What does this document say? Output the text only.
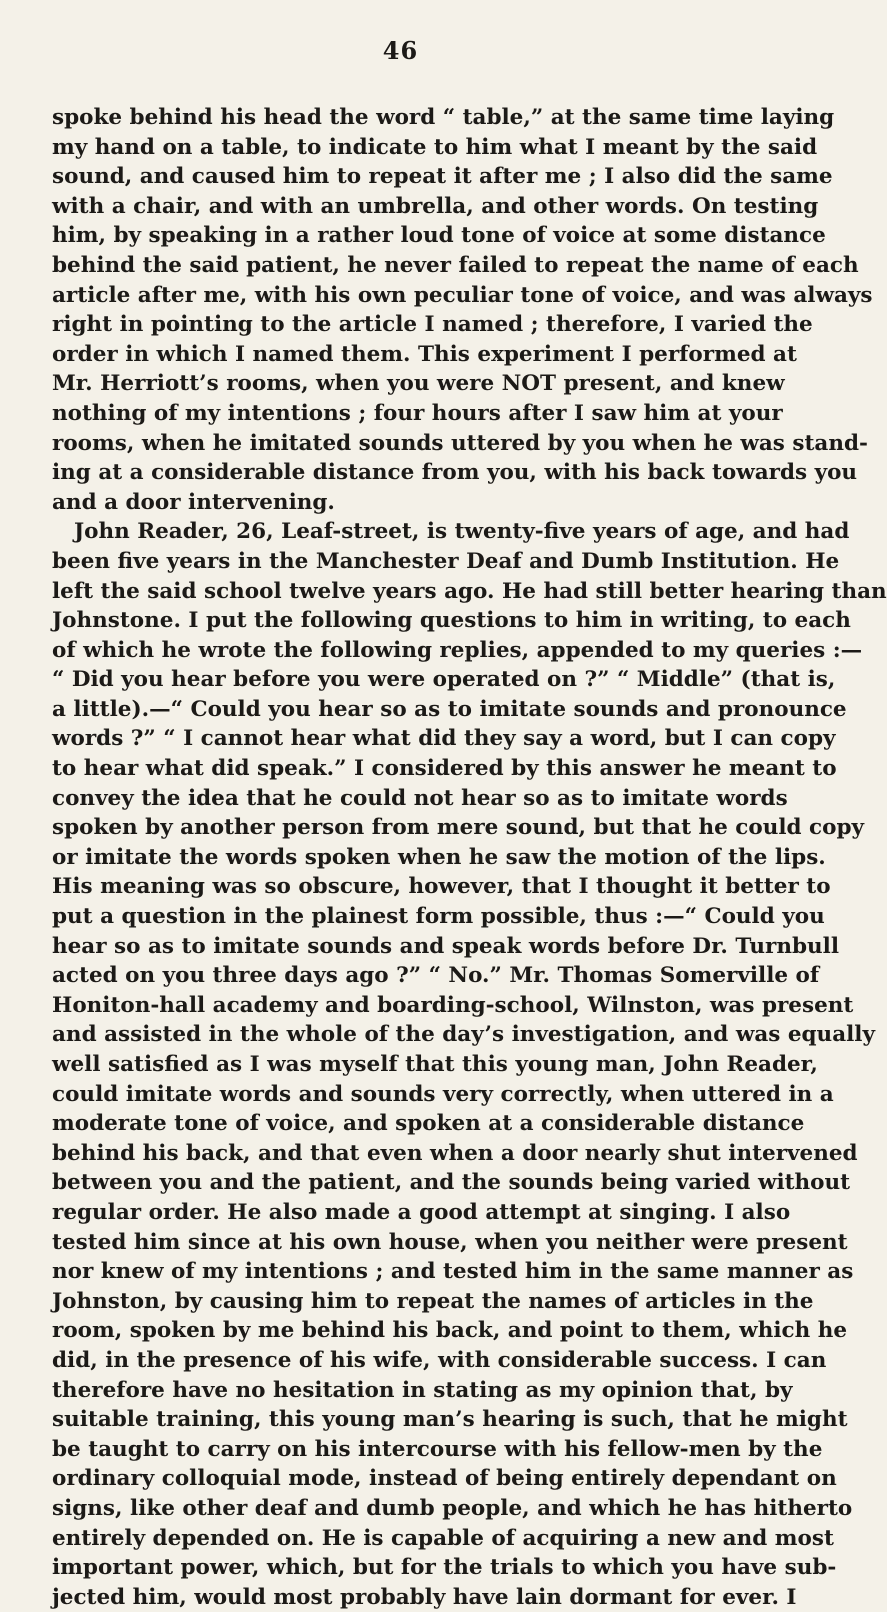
46
spoke behind his head the word “ table,” at the same time laying
my hand on a table, to indicate to him what I meant by the said
sound, and caused him to repeat it after me ; I also did the same
with a chair, and with an umbrella, and other words. On testing
him, by speaking in a rather loud tone of voice at some distance
behind the said patient, he never failed to repeat the name of each
article after me, with his own peculiar tone of voice, and was always
right in pointing to the article I named ; therefore, I varied the
order in which I named them. This experiment I performed at
Mr. Herriott’s rooms, when you were NOT present, and knew
nothing of my intentions ; four hours after I saw him at your
rooms, when he imitated sounds uttered by you when he was stand-
ing at a considerable distance from you, with his back towards you
and a door intervening.
John Reader, 26, Leaf-street, is twenty-five years of age, and had
been five years in the Manchester Deaf and Dumb Institution. He
left the said school twelve years ago. He had still better hearing than
Johnstone. I put the following questions to him in writing, to each
of which he wrote the following replies, appended to my queries :—
“ Did you hear before you were operated on ?” “ Middle” (that is,
a little).—“ Could you hear so as to imitate sounds and pronounce
words ?” “ I cannot hear what did they say a word, but I can copy
to hear what did speak.” I considered by this answer he meant to
convey the idea that he could not hear so as to imitate words
spoken by another person from mere sound, but that he could copy
or imitate the words spoken when he saw the motion of the lips.
His meaning was so obscure, however, that I thought it better to
put a question in the plainest form possible, thus :—“ Could you
hear so as to imitate sounds and speak words before Dr. Turnbull
acted on you three days ago ?” “ No.” Mr. Thomas Somerville of
Honiton-hall academy and boarding-school, Wilnston, was present
and assisted in the whole of the day’s investigation, and was equally
well satisfied as I was myself that this young man, John Reader,
could imitate words and sounds very correctly, when uttered in a
moderate tone of voice, and spoken at a considerable distance
behind his back, and that even when a door nearly shut intervened
between you and the patient, and the sounds being varied without
regular order. He also made a good attempt at singing. I also
tested him since at his own house, when you neither were present
nor knew of my intentions ; and tested him in the same manner as
Johnston, by causing him to repeat the names of articles in the
room, spoken by me behind his back, and point to them, which he
did, in the presence of his wife, with considerable success. I can
therefore have no hesitation in stating as my opinion that, by
suitable training, this young man’s hearing is such, that he might
be taught to carry on his intercourse with his fellow-men by the
ordinary colloquial mode, instead of being entirely dependant on
signs, like other deaf and dumb people, and which he has hitherto
entirely depended on. He is capable of acquiring a new and most
important power, which, but for the trials to which you have sub-
jected him, would most probably have lain dormant for ever. I
